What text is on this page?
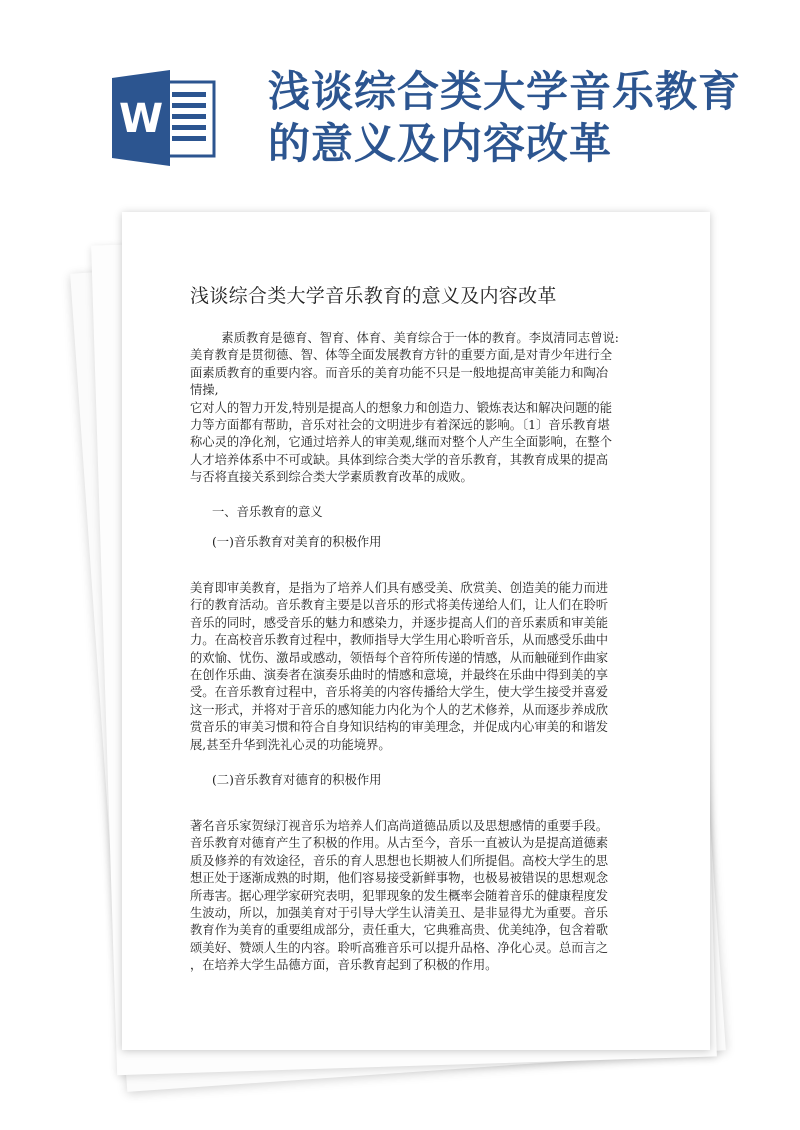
W
浅谈综合类大学音乐教育的意义及内容改革
浅谈综合类大学音乐教育的意义及内容改革

素质教育是德育、智育、体育、美育综合于一体的教育。李岚清同志曾说:
美育教育是贯彻德、智、体等全面发展教育方针的重要方面,是对青少年进行全
面素质教育的重要内容。而音乐的美育功能不只是一般地提高审美能力和陶冶
情操,
它对人的智力开发,特别是提高人的想象力和创造力、锻炼表达和解决问题的能
力等方面都有帮助，音乐对社会的文明进步有着深远的影响。〔1〕音乐教育堪
称心灵的净化剂，它通过培养人的审美观,继而对整个人产生全面影响，在整个
人才培养体系中不可或缺。具体到综合类大学的音乐教育，其教育成果的提高
与否将直接关系到综合类大学素质教育改革的成败。

一、音乐教育的意义

(一)音乐教育对美育的积极作用

美育即审美教育，是指为了培养人们具有感受美、欣赏美、创造美的能力而进
行的教育活动。音乐教育主要是以音乐的形式将美传递给人们，让人们在聆听
音乐的同时，感受音乐的魅力和感染力，并逐步提高人们的音乐素质和审美能
力。在高校音乐教育过程中，教师指导大学生用心聆听音乐，从而感受乐曲中
的欢愉、忧伤、激昂或感动，领悟每个音符所传递的情感，从而触碰到作曲家
在创作乐曲、演奏者在演奏乐曲时的情感和意境，并最终在乐曲中得到美的享
受。在音乐教育过程中，音乐将美的内容传播给大学生，使大学生接受并喜爱
这一形式，并将对于音乐的感知能力内化为个人的艺术修养，从而逐步养成欣
赏音乐的审美习惯和符合自身知识结构的审美理念，并促成内心审美的和谐发
展,甚至升华到洗礼心灵的功能境界。

(二)音乐教育对德育的积极作用

著名音乐家贺绿汀视音乐为培养人们高尚道德品质以及思想感情的重要手段。
音乐教育对德育产生了积极的作用。从古至今，音乐一直被认为是提高道德素
质及修养的有效途径，音乐的育人思想也长期被人们所提倡。高校大学生的思
想正处于逐渐成熟的时期，他们容易接受新鲜事物，也极易被错误的思想观念
所毒害。据心理学家研究表明，犯罪现象的发生概率会随着音乐的健康程度发
生波动，所以，加强美育对于引导大学生认清美丑、是非显得尤为重要。音乐
教育作为美育的重要组成部分，责任重大，它典雅高贵、优美纯净，包含着歌
颂美好、赞颂人生的内容。聆听高雅音乐可以提升品格、净化心灵。总而言之
，在培养大学生品德方面，音乐教育起到了积极的作用。
